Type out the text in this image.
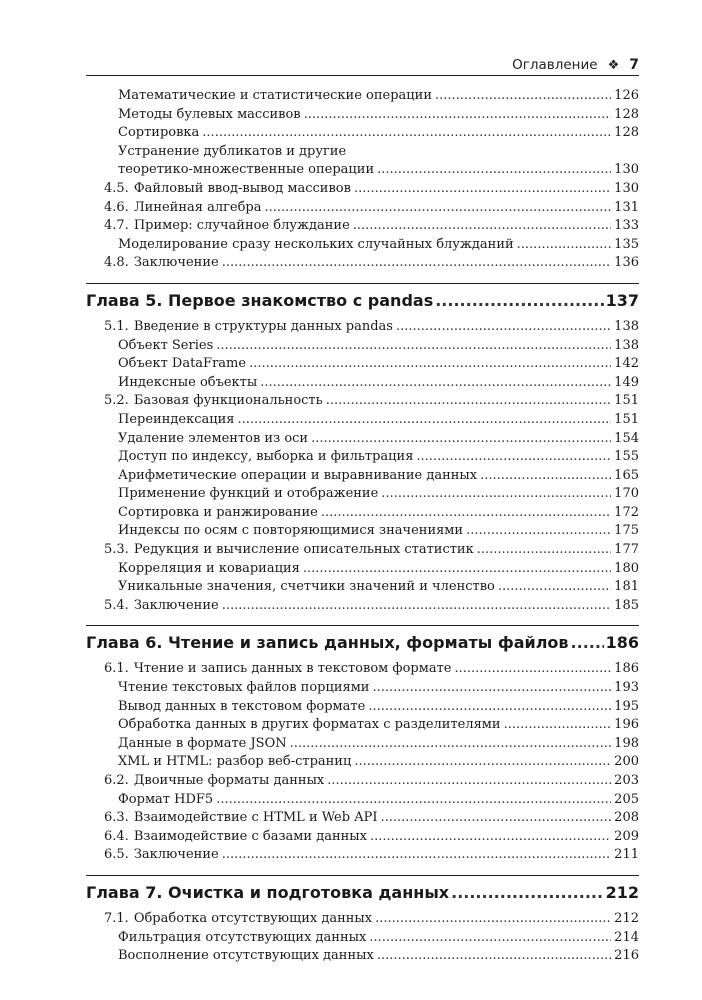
Оглавление ❖ 7
Математические и статистические операции .....	126
Методы булевых массивов .....	128
Сортировка .....	128
Устранение дубликатов и другие
теоретико-множественные операции .....	130
4.5. Файловый ввод-вывод массивов .....	130
4.6. Линейная алгебра .....	131
4.7. Пример: случайное блуждание .....	133
Моделирование сразу нескольких случайных блужданий .....	135
4.8. Заключение .....	136
Глава 5. Первое знакомство с pandas .....	137
5.1. Введение в структуры данных pandas .....	138
Объект Series .....	138
Объект DataFrame .....	142
Индексные объекты .....	149
5.2. Базовая функциональность .....	151
Переиндексация .....	151
Удаление элементов из оси .....	154
Доступ по индексу, выборка и фильтрация .....	155
Арифметические операции и выравнивание данных .....	165
Применение функций и отображение .....	170
Сортировка и ранжирование .....	172
Индексы по осям с повторяющимися значениями .....	175
5.3. Редукция и вычисление описательных статистик .....	177
Корреляция и ковариация .....	180
Уникальные значения, счетчики значений и членство .....	181
5.4. Заключение .....	185
Глава 6. Чтение и запись данных, форматы файлов ..... 186
6.1. Чтение и запись данных в текстовом формате .....	186
Чтение текстовых файлов порциями .....	193
Вывод данных в текстовом формате .....	195
Обработка данных в других форматах с разделителями .....	196
Данные в формате JSON .....	198
XML и HTML: разбор веб-страниц .....	200
6.2. Двоичные форматы данных .....	203
Формат HDF5 .....	205
6.3. Взаимодействие с HTML и Web API .....	208
6.4. Взаимодействие с базами данных .....	209
6.5. Заключение .....	211
Глава 7. Очистка и подготовка данных .....	212
7.1. Обработка отсутствующих данных .....	212
Фильтрация отсутствующих данных .....	214
Восполнение отсутствующих данных .....	216
